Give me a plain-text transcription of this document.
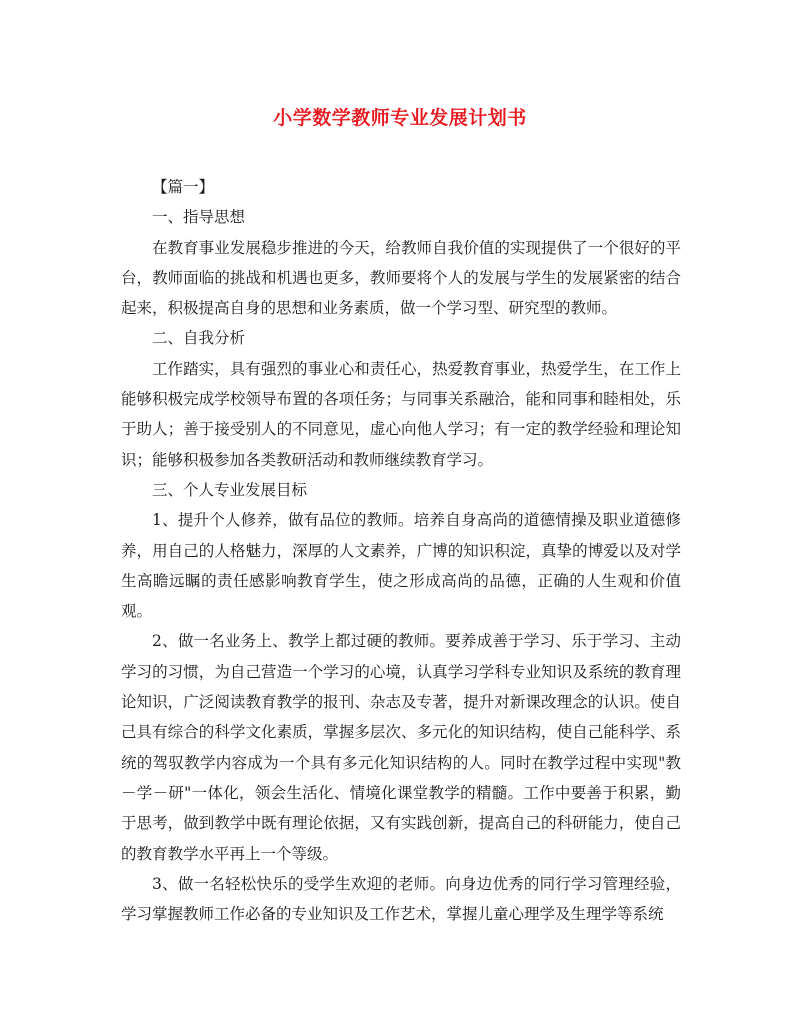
小学数学教师专业发展计划书

【篇一】

一、指导思想

在教育事业发展稳步推进的今天，给教师自我价值的实现提供了一个很好的平台，教师面临的挑战和机遇也更多，教师要将个人的发展与学生的发展紧密的结合起来，积极提高自身的思想和业务素质，做一个学习型、研究型的教师。

二、自我分析

工作踏实，具有强烈的事业心和责任心，热爱教育事业，热爱学生，在工作上能够积极完成学校领导布置的各项任务；与同事关系融洽，能和同事和睦相处，乐于助人；善于接受别人的不同意见，虚心向他人学习；有一定的教学经验和理论知识；能够积极参加各类教研活动和教师继续教育学习。

三、个人专业发展目标

1、提升个人修养，做有品位的教师。培养自身高尚的道德情操及职业道德修养，用自己的人格魅力，深厚的人文素养，广博的知识积淀，真挚的博爱以及对学生高瞻远瞩的责任感影响教育学生，使之形成高尚的品德，正确的人生观和价值观。

2、做一名业务上、教学上都过硬的教师。要养成善于学习、乐于学习、主动学习的习惯，为自己营造一个学习的心境，认真学习学科专业知识及系统的教育理论知识，广泛阅读教育教学的报刊、杂志及专著，提升对新课改理念的认识。使自己具有综合的科学文化素质，掌握多层次、多元化的知识结构，使自己能科学、系统的驾驭教学内容成为一个具有多元化知识结构的人。同时在教学过程中实现"教－学－研"一体化，领会生活化、情境化课堂教学的精髓。工作中要善于积累，勤于思考，做到教学中既有理论依据，又有实践创新，提高自己的科研能力，使自己的教育教学水平再上一个等级。

3、做一名轻松快乐的受学生欢迎的老师。向身边优秀的同行学习管理经验，学习掌握教师工作必备的专业知识及工作艺术，掌握儿童心理学及生理学等系统
